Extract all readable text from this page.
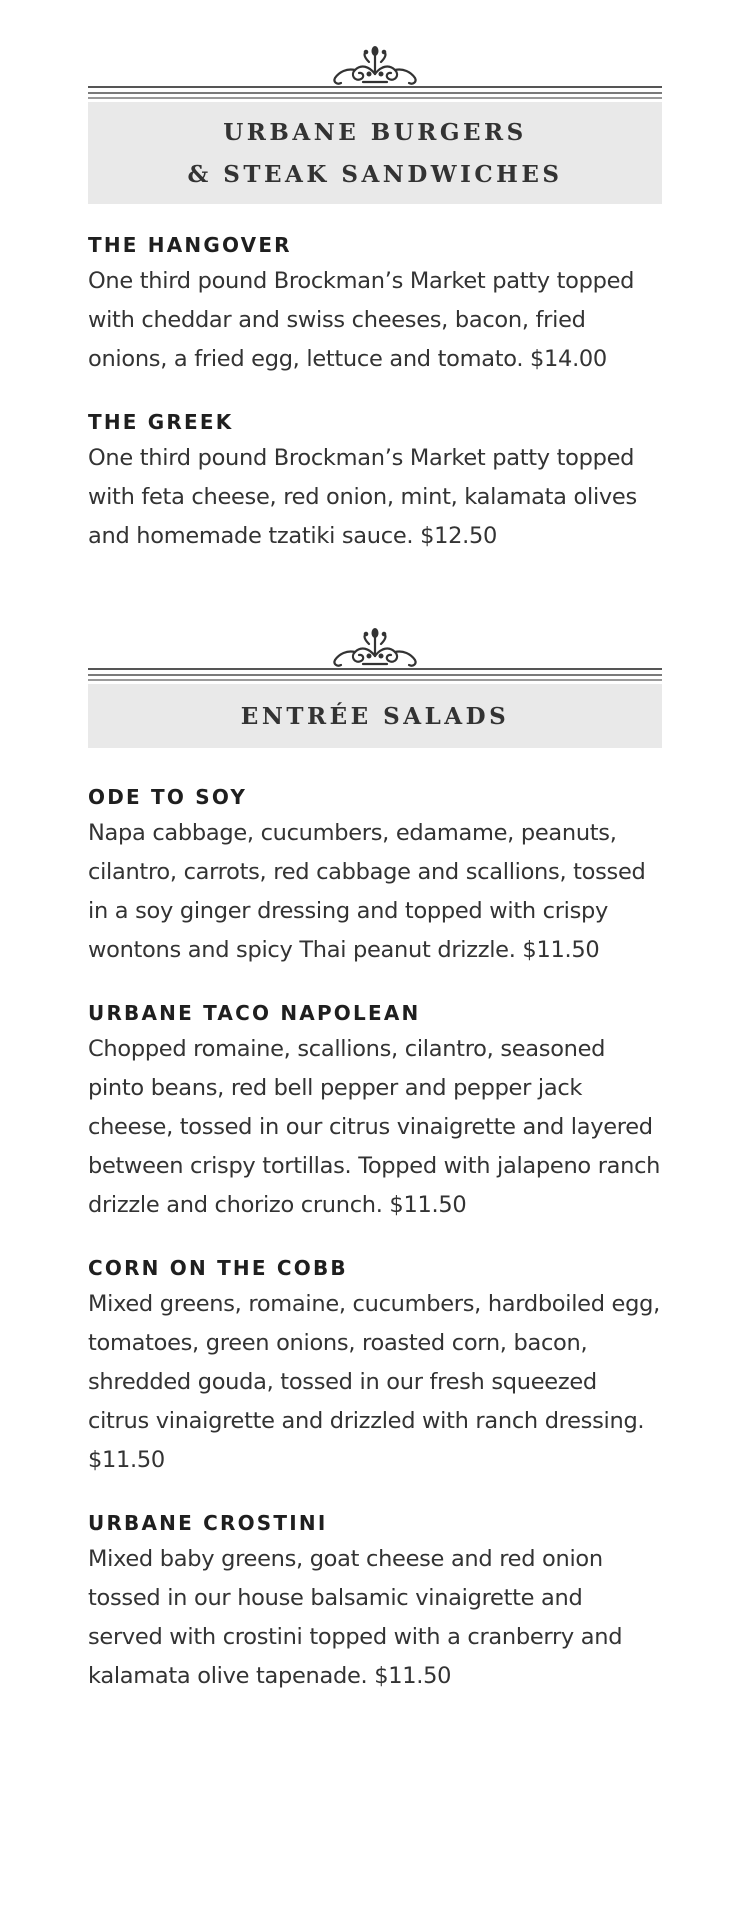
URBANE BURGERS
& STEAK SANDWICHES
THE HANGOVER
One third pound Brockman’s Market patty topped with cheddar and swiss cheeses, bacon, fried onions, a fried egg, lettuce and tomato. $14.00
THE GREEK
One third pound Brockman’s Market patty topped with feta cheese, red onion, mint, kalamata olives and homemade tzatiki sauce. $12.50
ENTRÉE SALADS
ODE TO SOY
Napa cabbage, cucumbers, edamame, peanuts, cilantro, carrots, red cabbage and scallions, tossed in a soy ginger dressing and topped with crispy wontons and spicy Thai peanut drizzle. $11.50
URBANE TACO NAPOLEAN
Chopped romaine, scallions, cilantro, seasoned pinto beans, red bell pepper and pepper jack cheese, tossed in our citrus vinaigrette and layered between crispy tortillas. Topped with jalapeno ranch drizzle and chorizo crunch. $11.50
CORN ON THE COBB
Mixed greens, romaine, cucumbers, hardboiled egg, tomatoes, green onions, roasted corn, bacon, shredded gouda, tossed in our fresh squeezed citrus vinaigrette and drizzled with ranch dressing. $11.50
URBANE CROSTINI
Mixed baby greens, goat cheese and red onion tossed in our house balsamic vinaigrette and served with crostini topped with a cranberry and kalamata olive tapenade. $11.50
